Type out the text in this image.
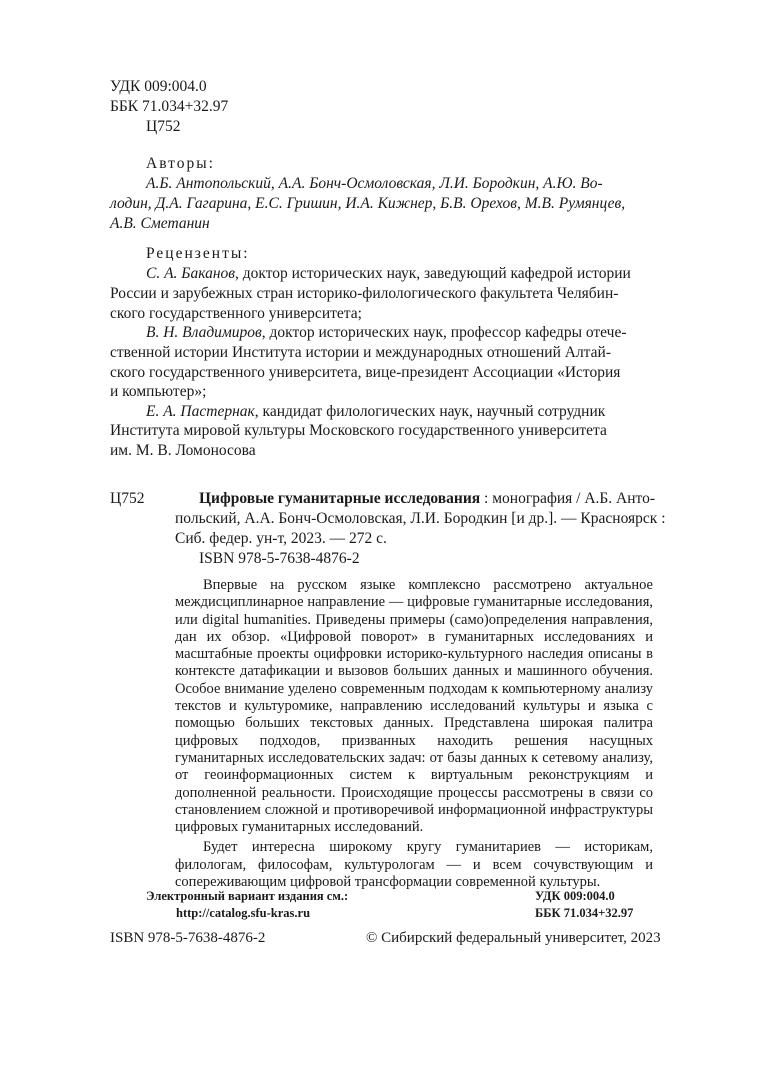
УДК 009:004.0
ББК 71.034+32.97
Ц752
Авторы:
А.Б. Антопольский, А.А. Бонч-Осмоловская, Л.И. Бородкин, А.Ю. Во-
лодин, Д.А. Гагарина, Е.С. Гришин, И.А. Кижнер, Б.В. Орехов, М.В. Румянцев,
А.В. Сметанин
Рецензенты:
С. А. Баканов, доктор исторических наук, заведующий кафедрой истории
России и зарубежных стран историко-филологического факультета Челябин-
ского государственного университета;
В. Н. Владимиров, доктор исторических наук, профессор кафедры отече-
ственной истории Института истории и международных отношений Алтай-
ского государственного университета, вице-президент Ассоциации «История
и компьютер»;
Е. А. Пастернак, кандидат филологических наук, научный сотрудник
Института мировой культуры Московского государственного университета
им. М. В. Ломоносова
Ц752	Цифровые гуманитарные исследования : монография / А.Б. Анто-
польский, А.А. Бонч-Осмоловская, Л.И. Бородкин [и др.]. — Красноярск :
Сиб. федер. ун-т, 2023. — 272 с.
ISBN 978-5-7638-4876-2

Впервые на русском языке комплексно рассмотрено актуальное междисциплинарное направление — цифровые гуманитарные исследования, или digital humanities. Приведены примеры (само)определения направления, дан их обзор. «Цифровой поворот» в гуманитарных исследованиях и масштабные проекты оцифровки историко-культурного наследия описаны в контексте датафикации и вызовов больших данных и машинного обучения. Особое внимание уделено современным подходам к компьютерному анализу текстов и культуромике, направлению исследований культуры и языка с помощью больших текстовых данных. Представлена широкая палитра цифровых подходов, призванных находить решения насущных гуманитарных исследовательских задач: от базы данных к сетевому анализу, от геоинформационных систем к виртуальным реконструкциям и дополненной реальности. Происходящие процессы рассмотрены в связи со становлением сложной и противоречивой информационной инфраструктуры цифровых гуманитарных исследований.

Будет интересна широкому кругу гуманитариев — историкам, филологам, философам, культурологам — и всем сочувствующим и сопереживающим цифровой трансформации современной культуры.

Электронный вариант издания см.:
http://catalog.sfu-kras.ru
УДК 009:004.0
ББК 71.034+32.97
ISBN 978-5-7638-4876-2	© Сибирский федеральный университет, 2023
